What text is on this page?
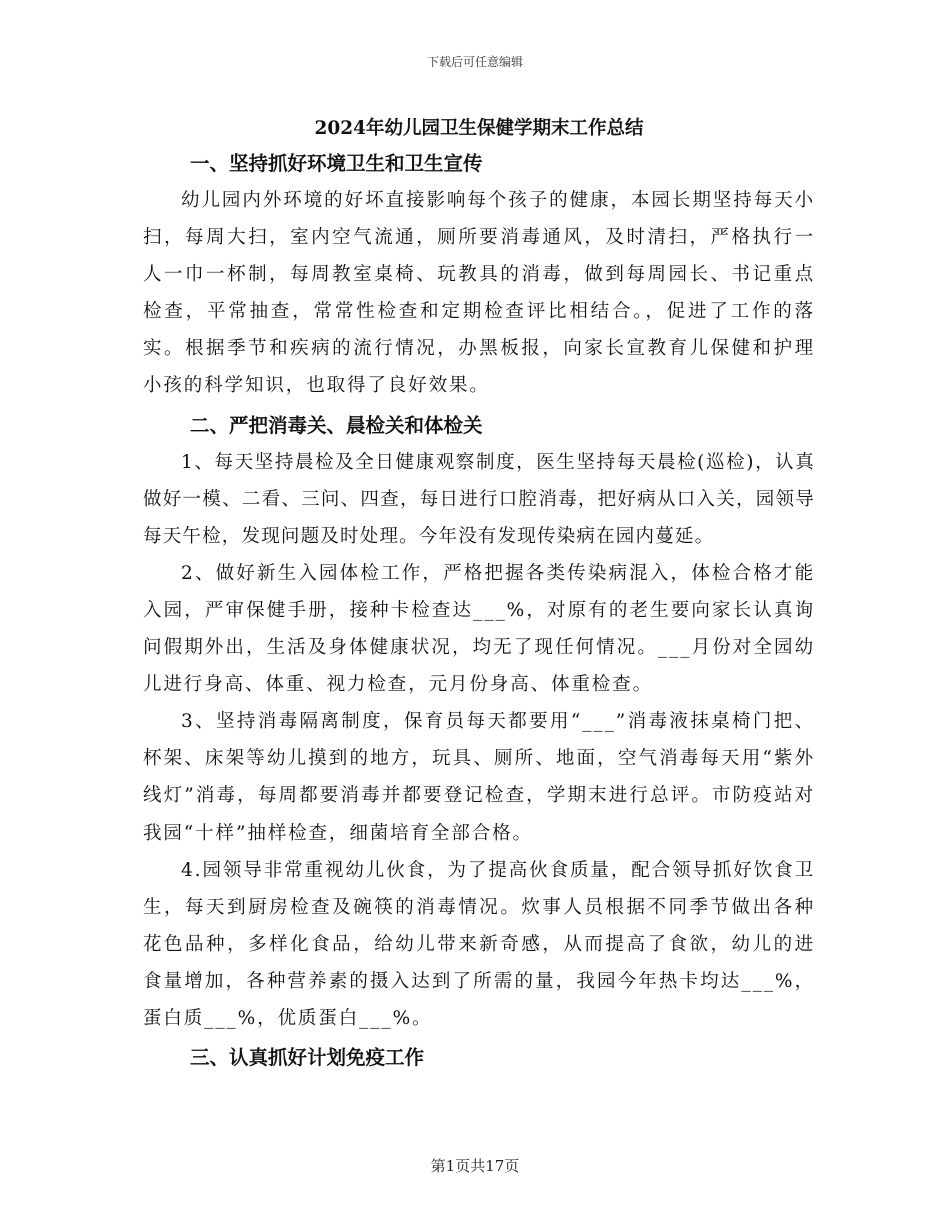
下载后可任意编辑
2024年幼儿园卫生保健学期末工作总结
一、坚持抓好环境卫生和卫生宣传

幼儿园内外环境的好坏直接影响每个孩子的健康，本园长期坚持每天小扫，每周大扫，室内空气流通，厕所要消毒通风，及时清扫，严格执行一人一巾一杯制，每周教室桌椅、玩教具的消毒，做到每周园长、书记重点检查，平常抽查，常常性检查和定期检查评比相结合。，促进了工作的落实。根据季节和疾病的流行情况，办黑板报，向家长宣教育儿保健和护理小孩的科学知识，也取得了良好效果。

二、严把消毒关、晨检关和体检关

1、每天坚持晨检及全日健康观察制度，医生坚持每天晨检(巡检)，认真做好一模、二看、三问、四查，每日进行口腔消毒，把好病从口入关，园领导每天午检，发现问题及时处理。今年没有发现传染病在园内蔓延。

2、做好新生入园体检工作，严格把握各类传染病混入，体检合格才能入园，严审保健手册，接种卡检查达___%，对原有的老生要向家长认真询问假期外出，生活及身体健康状况，均无了现任何情况。___月份对全园幼儿进行身高、体重、视力检查，元月份身高、体重检查。

3、坚持消毒隔离制度，保育员每天都要用“___”消毒液抹桌椅门把、杯架、床架等幼儿摸到的地方，玩具、厕所、地面，空气消毒每天用“紫外线灯”消毒，每周都要消毒并都要登记检查，学期末进行总评。市防疫站对我园“十样”抽样检查，细菌培育全部合格。

4.园领导非常重视幼儿伙食，为了提高伙食质量，配合领导抓好饮食卫生，每天到厨房检查及碗筷的消毒情况。炊事人员根据不同季节做出各种花色品种，多样化食品，给幼儿带来新奇感，从而提高了食欲，幼儿的进食量增加，各种营养素的摄入达到了所需的量，我园今年热卡均达___%，蛋白质___%，优质蛋白___%。

三、认真抓好计划免疫工作
第1页共17页
